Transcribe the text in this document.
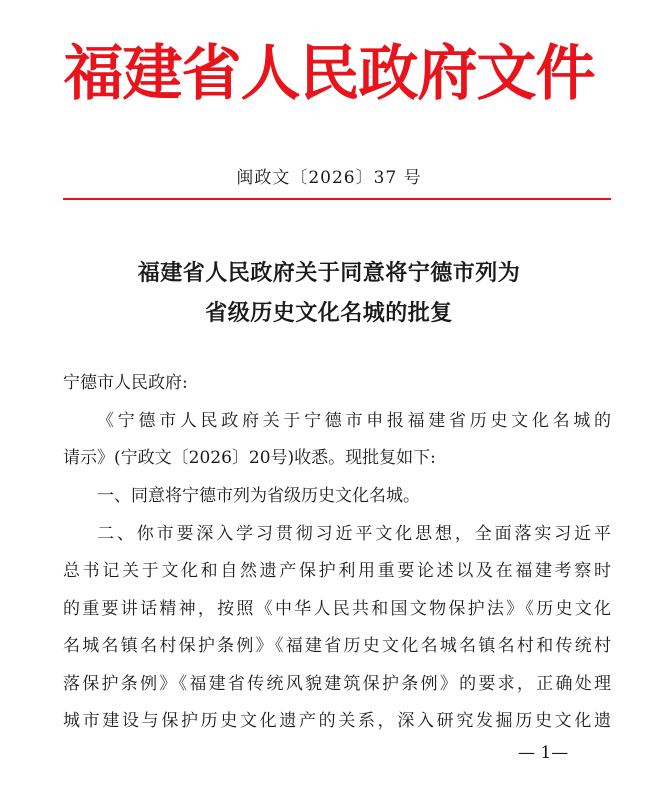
福建省人民政府文件
闽政文〔2026〕37 号
福建省人民政府关于同意将宁德市列为
省级历史文化名城的批复
宁德市人民政府:
《宁德市人民政府关于宁德市申报福建省历史文化名城的
请示》(宁政文〔2026〕20号)收悉。现批复如下:
一、同意将宁德市列为省级历史文化名城。
二、你市要深入学习贯彻习近平文化思想，全面落实习近平
总书记关于文化和自然遗产保护利用重要论述以及在福建考察时
的重要讲话精神，按照《中华人民共和国文物保护法》《历史文化
名城名镇名村保护条例》《福建省历史文化名城名镇名村和传统村
落保护条例》《福建省传统风貌建筑保护条例》的要求，正确处理
城市建设与保护历史文化遗产的关系，深入研究发掘历史文化遗
— 1—
